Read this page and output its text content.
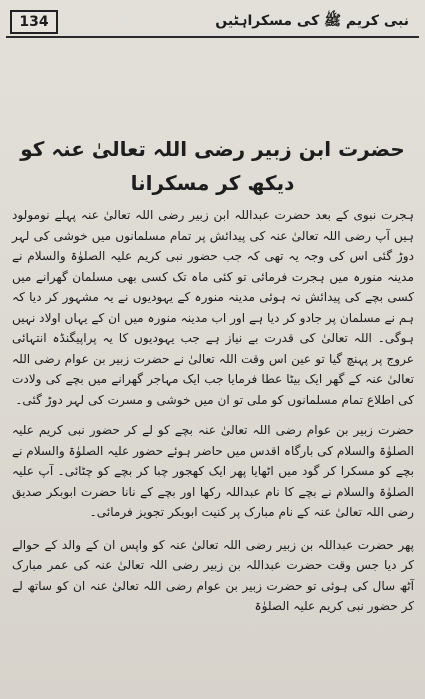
134	نبی کریم ﷺ کی مسکراہٹیں
حضرت ابن زبیر رضی اللہ تعالیٰ عنہ کو دیکھ کر مسکرانا

ہجرت نبوی کے بعد حضرت عبداللہ ابن زبیر رضی اللہ تعالیٰ عنہ پہلے نومولود ہیں آپ رضی اللہ تعالیٰ عنہ کی پیدائش پر تمام مسلمانوں میں خوشی کی لہر دوڑ گئی اس کی وجہ یہ تھی کہ جب حضور نبی کریم علیہ الصلوٰۃ والسلام نے مدینہ منورہ میں ہجرت فرمائی تو کئی ماہ تک کسی بھی مسلمان گھرانے میں کسی بچے کی پیدائش نہ ہوئی مدینہ منورہ کے یہودیوں نے یہ مشہور کر دیا کہ ہم نے مسلمان پر جادو کر دیا ہے اور اب مدینہ منورہ میں ان کے یہاں اولاد نہیں ہوگی۔ اللہ تعالیٰ کی قدرت بے نیاز ہے جب یہودیوں کا یہ پراپیگنڈہ انتہائی عروج پر پہنچ گیا تو عین اس وقت اللہ تعالیٰ نے حضرت زبیر بن عوام رضی اللہ تعالیٰ عنہ کے گھر ایک بیٹا عطا فرمایا جب ایک مہاجر گھرانے میں بچے کی ولادت کی اطلاع تمام مسلمانوں کو ملی تو ان میں خوشی و مسرت کی لہر دوڑ گئی۔

حضرت زبیر بن عوام رضی اللہ تعالیٰ عنہ بچے کو لے کر حضور نبی کریم علیہ الصلوٰۃ والسلام کی بارگاہ اقدس میں حاضر ہوئے حضور علیہ الصلوٰۃ والسلام نے بچے کو مسکرا کر گود میں اٹھایا پھر ایک کھجور چبا کر بچے کو چٹائی۔ آپ علیہ الصلوٰۃ والسلام نے بچے کا نام عبداللہ رکھا اور بچے کے نانا حضرت ابوبکر صدیق رضی اللہ تعالیٰ عنہ کے نام مبارک پر کنیت ابوبکر تجویز فرمائی۔

پھر حضرت عبداللہ بن زبیر رضی اللہ تعالیٰ عنہ کو واپس ان کے والد کے حوالے کر دیا جس وقت حضرت عبداللہ بن زبیر رضی اللہ تعالیٰ عنہ کی عمر مبارک آٹھ سال کی ہوئی تو حضرت زبیر بن عوام رضی اللہ تعالیٰ عنہ ان کو ساتھ لے کر حضور نبی کریم علیہ الصلوٰۃ
